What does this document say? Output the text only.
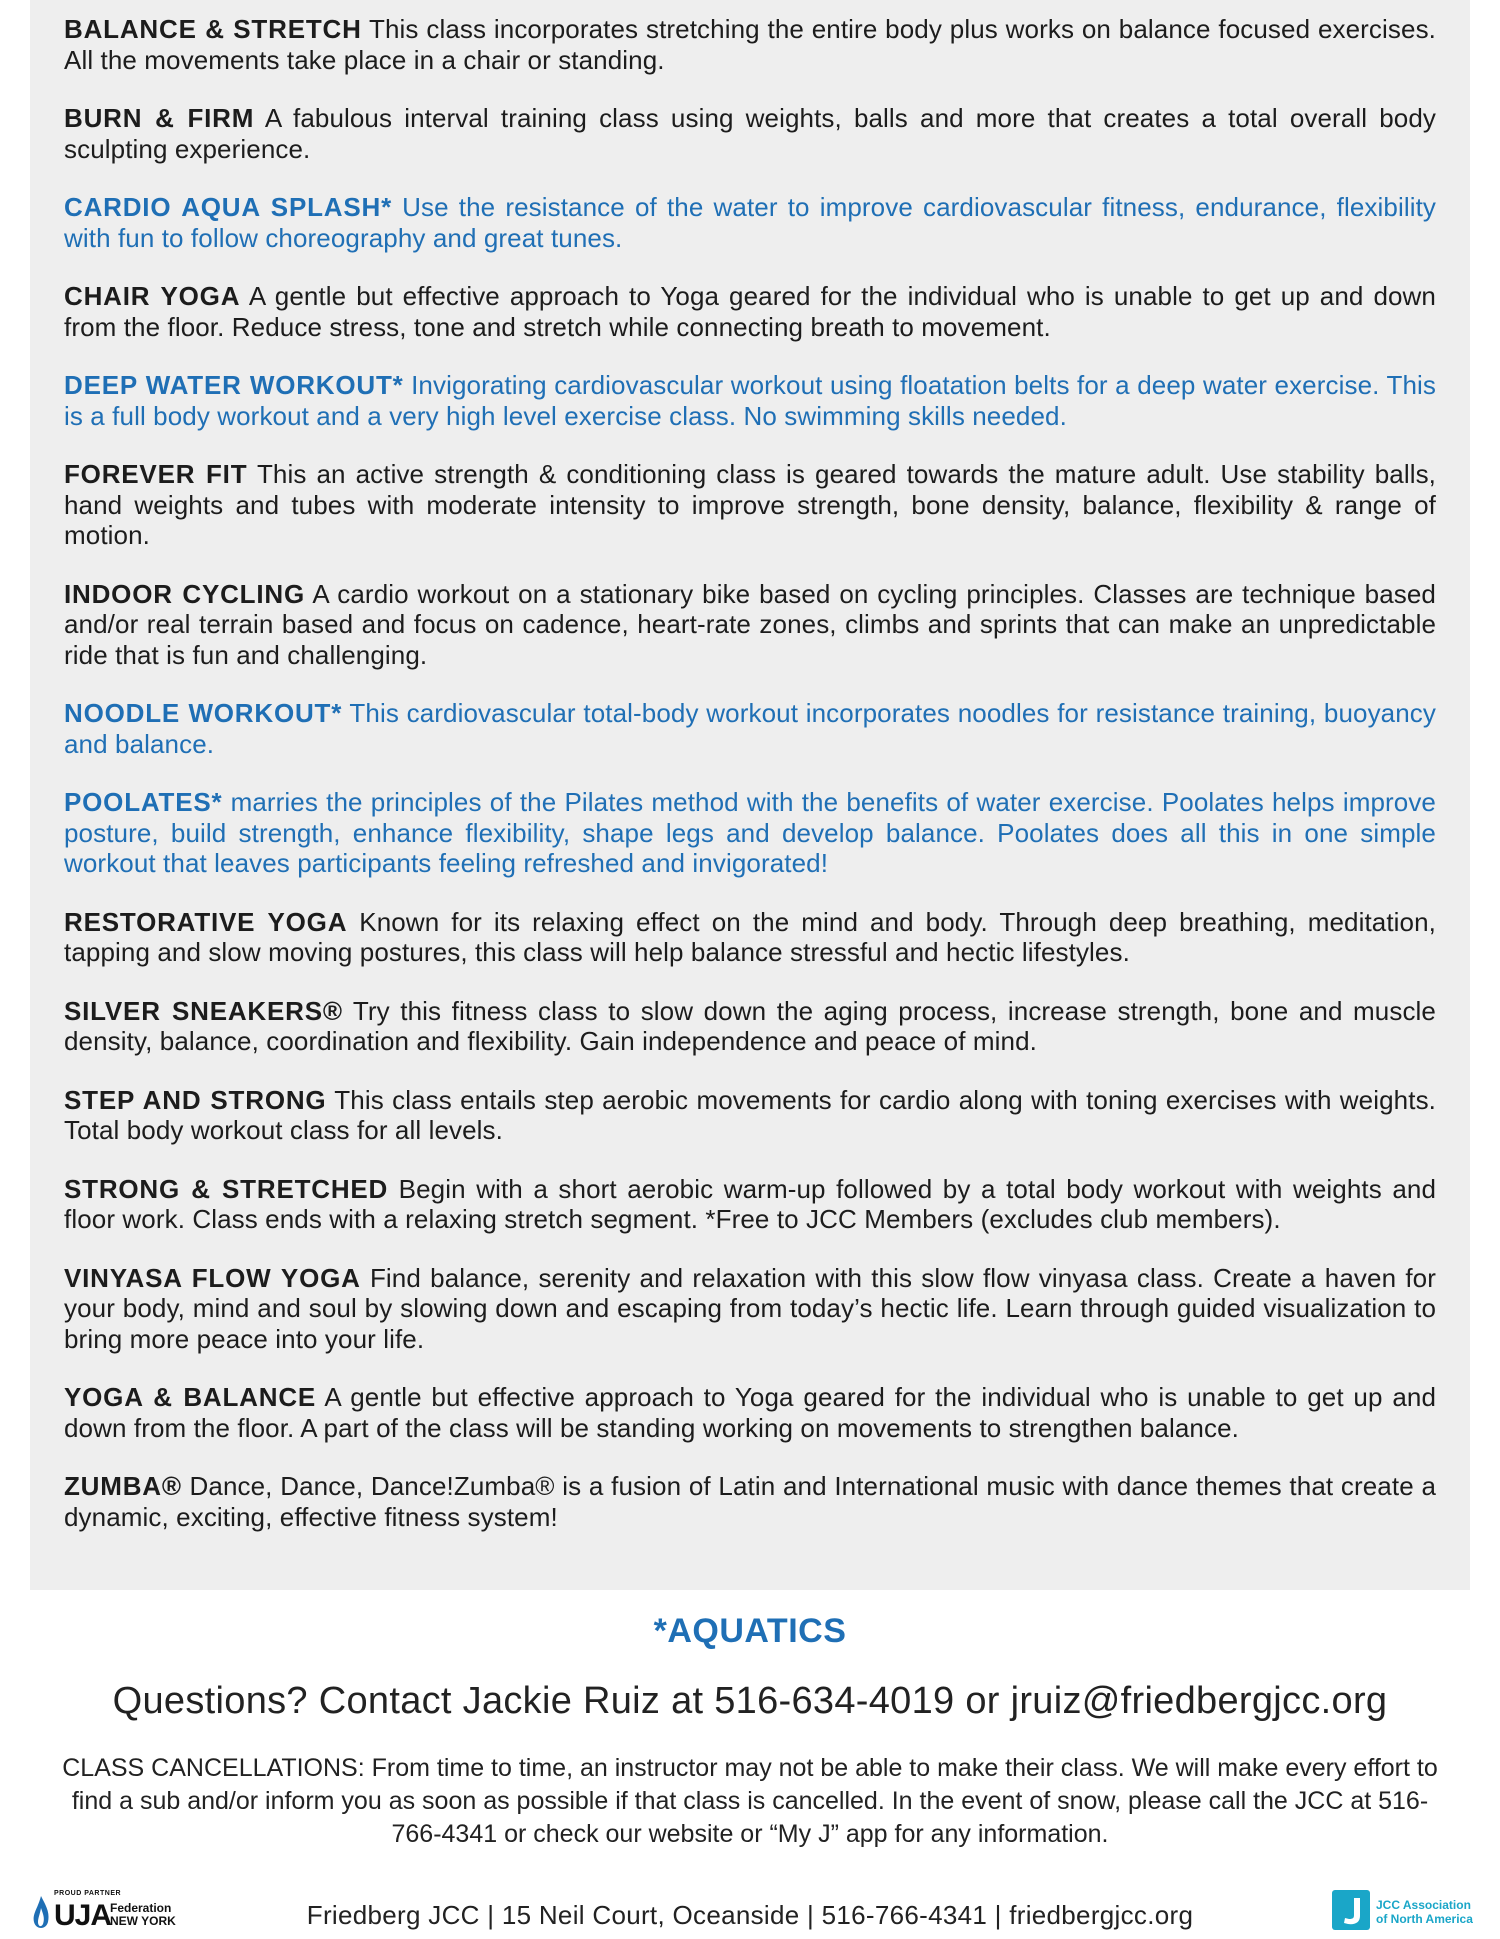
BALANCE & STRETCH This class incorporates stretching the entire body plus works on balance focused exercises. All the movements take place in a chair or standing.

BURN & FIRM A fabulous interval training class using weights, balls and more that creates a total overall body sculpting experience.

CARDIO AQUA SPLASH* Use the resistance of the water to improve cardiovascular fitness, endurance, flexibility with fun to follow choreography and great tunes.

CHAIR YOGA A gentle but effective approach to Yoga geared for the individual who is unable to get up and down from the floor. Reduce stress, tone and stretch while connecting breath to movement.

DEEP WATER WORKOUT* Invigorating cardiovascular workout using floatation belts for a deep water exercise. This is a full body workout and a very high level exercise class. No swimming skills needed.

FOREVER FIT This an active strength & conditioning class is geared towards the mature adult. Use stability balls, hand weights and tubes with moderate intensity to improve strength, bone density, balance, flexibility & range of motion.

INDOOR CYCLING A cardio workout on a stationary bike based on cycling principles. Classes are technique based and/or real terrain based and focus on cadence, heart-rate zones, climbs and sprints that can make an unpredictable ride that is fun and challenging.

NOODLE WORKOUT* This cardiovascular total-body workout incorporates noodles for resistance training, buoyancy and balance.

POOLATES* marries the principles of the Pilates method with the benefits of water exercise. Poolates helps improve posture, build strength, enhance flexibility, shape legs and develop balance. Poolates does all this in one simple workout that leaves participants feeling refreshed and invigorated!

RESTORATIVE YOGA Known for its relaxing effect on the mind and body. Through deep breathing, meditation, tapping and slow moving postures, this class will help balance stressful and hectic lifestyles.

SILVER SNEAKERS® Try this fitness class to slow down the aging process, increase strength, bone and muscle density, balance, coordination and flexibility. Gain independence and peace of mind.

STEP AND STRONG This class entails step aerobic movements for cardio along with toning exercises with weights. Total body workout class for all levels.

STRONG & STRETCHED Begin with a short aerobic warm-up followed by a total body workout with weights and floor work. Class ends with a relaxing stretch segment. *Free to JCC Members (excludes club members).

VINYASA FLOW YOGA Find balance, serenity and relaxation with this slow flow vinyasa class. Create a haven for your body, mind and soul by slowing down and escaping from today’s hectic life. Learn through guided visualization to bring more peace into your life.

YOGA & BALANCE A gentle but effective approach to Yoga geared for the individual who is unable to get up and down from the floor. A part of the class will be standing working on movements to strengthen balance.

ZUMBA® Dance, Dance, Dance!Zumba® is a fusion of Latin and International music with dance themes that create a dynamic, exciting, effective fitness system!

*AQUATICS
Questions? Contact Jackie Ruiz at 516-634-4019 or jruiz@friedbergjcc.org
CLASS CANCELLATIONS: From time to time, an instructor may not be able to make their class. We will make every effort to find a sub and/or inform you as soon as possible if that class is cancelled. In the event of snow, please call the JCC at 516-766-4341 or check our website or “My J” app for any information.
PROUD PARTNER
UJA
Federation
NEW YORK	Friedberg JCC | 15 Neil Court, Oceanside | 516-766-4341 | friedbergjcc.org	JCC Association
of North America
